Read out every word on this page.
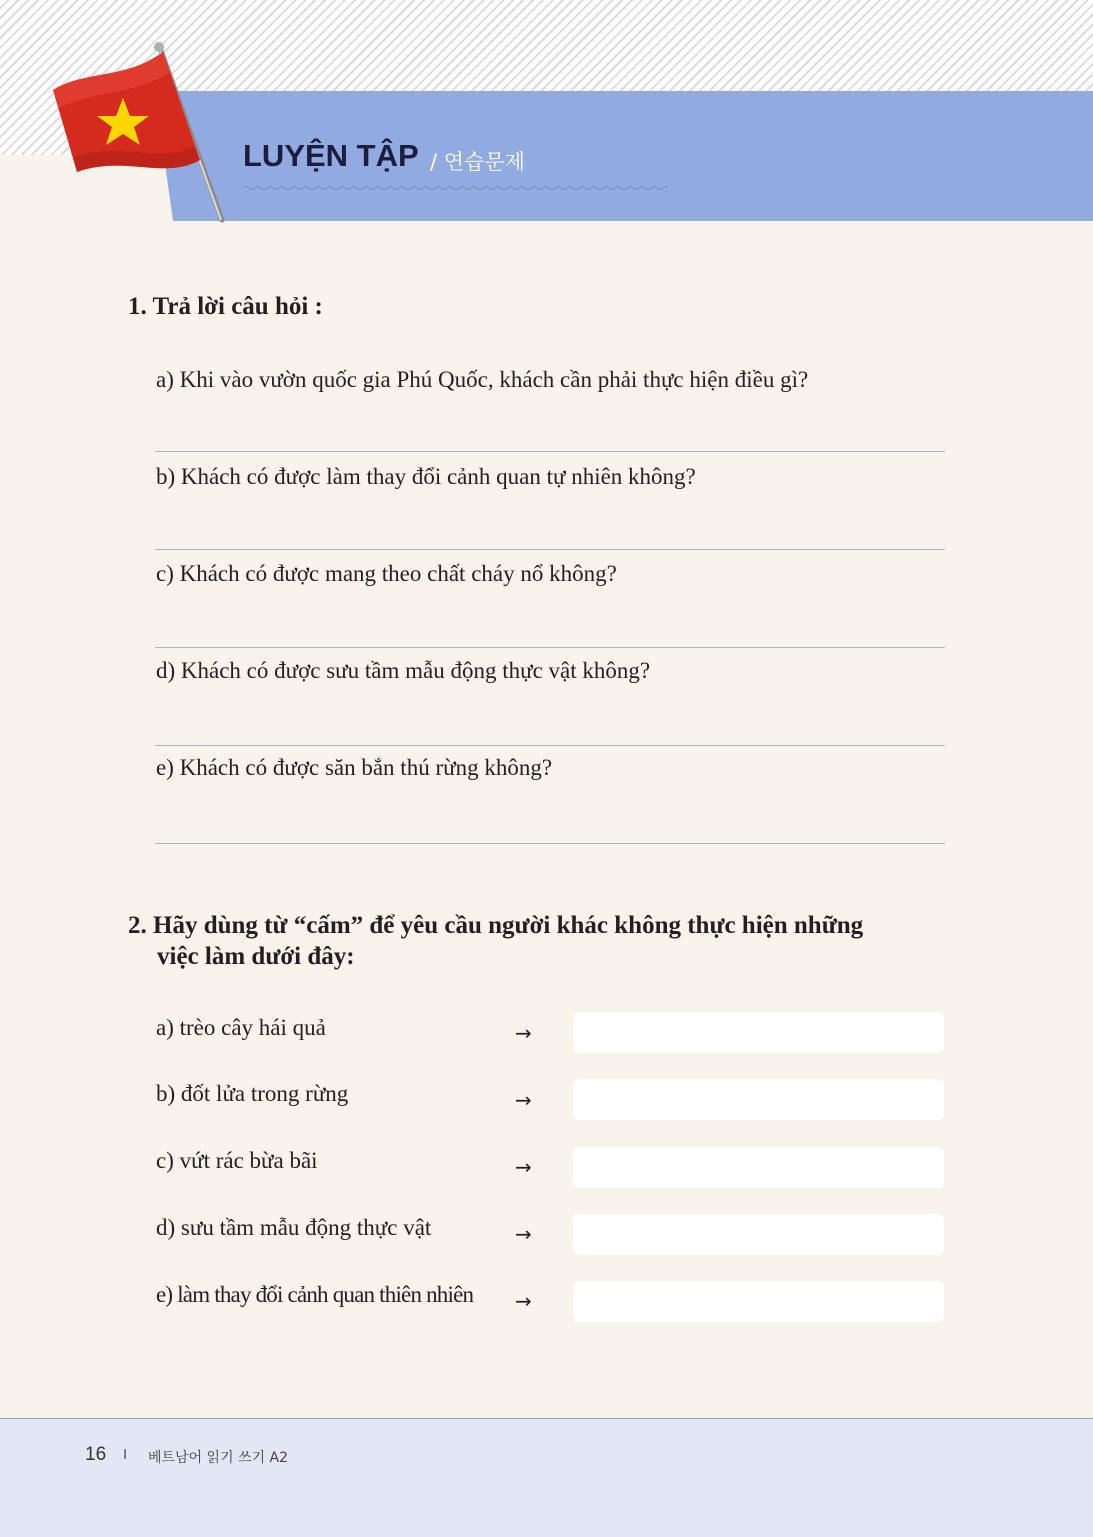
LUYỆN TẬP / 연습문제
1. Trả lời câu hỏi :
a) Khi vào vườn quốc gia Phú Quốc, khách cần phải thực hiện điều gì?
b) Khách có được làm thay đổi cảnh quan tự nhiên không?
c) Khách có được mang theo chất cháy nổ không?
d) Khách có được sưu tầm mẫu động thực vật không?
e) Khách có được săn bắn thú rừng không?
2. Hãy dùng từ “cấm” để yêu cầu người khác không thực hiện những
việc làm dưới đây:
a) trèo cây hái quả	→
b) đốt lửa trong rừng	→
c) vứt rác bừa bãi	→
d) sưu tầm mẫu động thực vật	→
e) làm thay đổi cảnh quan thiên nhiên →
16 I 베트남어 읽기 쓰기 A2
